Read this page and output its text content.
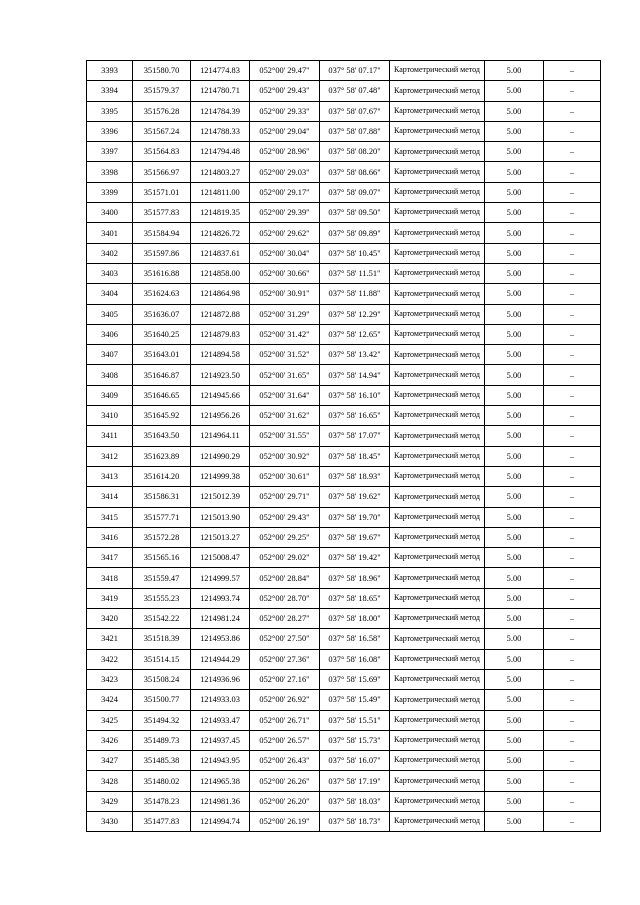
3393	351580.70	1214774.83	052°00' 29.47"	037° 58' 07.17"	Картометрический метод	5.00	–
3394	351579.37	1214780.71	052°00' 29.43"	037° 58' 07.48"	Картометрический метод	5.00	–
3395	351576.28	1214784.39	052°00' 29.33"	037° 58' 07.67"	Картометрический метод	5.00	–
3396	351567.24	1214788.33	052°00' 29.04"	037° 58' 07.88"	Картометрический метод	5.00	–
3397	351564.83	1214794.48	052°00' 28.96"	037° 58' 08.20"	Картометрический метод	5.00	–
3398	351566.97	1214803.27	052°00' 29.03"	037° 58' 08.66"	Картометрический метод	5.00	–
3399	351571.01	1214811.00	052°00' 29.17"	037° 58' 09.07"	Картометрический метод	5.00	–
3400	351577.83	1214819.35	052°00' 29.39"	037° 58' 09.50"	Картометрический метод	5.00	–
3401	351584.94	1214826.72	052°00' 29.62"	037° 58' 09.89"	Картометрический метод	5.00	–
3402	351597.86	1214837.61	052°00' 30.04"	037° 58' 10.45"	Картометрический метод	5.00	–
3403	351616.88	1214858.00	052°00' 30.66"	037° 58' 11.51"	Картометрический метод	5.00	–
3404	351624.63	1214864.98	052°00' 30.91"	037° 58' 11.88"	Картометрический метод	5.00	–
3405	351636.07	1214872.88	052°00' 31.29"	037° 58' 12.29"	Картометрический метод	5.00	–
3406	351640.25	1214879.83	052°00' 31.42"	037° 58' 12.65"	Картометрический метод	5.00	–
3407	351643.01	1214894.58	052°00' 31.52"	037° 58' 13.42"	Картометрический метод	5.00	–
3408	351646.87	1214923.50	052°00' 31.65"	037° 58' 14.94"	Картометрический метод	5.00	–
3409	351646.65	1214945.66	052°00' 31.64"	037° 58' 16.10"	Картометрический метод	5.00	–
3410	351645.92	1214956.26	052°00' 31.62"	037° 58' 16.65"	Картометрический метод	5.00	–
3411	351643.50	1214964.11	052°00' 31.55"	037° 58' 17.07"	Картометрический метод	5.00	–
3412	351623.89	1214990.29	052°00' 30.92"	037° 58' 18.45"	Картометрический метод	5.00	–
3413	351614.20	1214999.38	052°00' 30.61"	037° 58' 18.93"	Картометрический метод	5.00	–
3414	351586.31	1215012.39	052°00' 29.71"	037° 58' 19.62"	Картометрический метод	5.00	–
3415	351577.71	1215013.90	052°00' 29.43"	037° 58' 19.70"	Картометрический метод	5.00	–
3416	351572.28	1215013.27	052°00' 29.25"	037° 58' 19.67"	Картометрический метод	5.00	–
3417	351565.16	1215008.47	052°00' 29.02"	037° 58' 19.42"	Картометрический метод	5.00	–
3418	351559.47	1214999.57	052°00' 28.84"	037° 58' 18.96"	Картометрический метод	5.00	–
3419	351555.23	1214993.74	052°00' 28.70"	037° 58' 18.65"	Картометрический метод	5.00	–
3420	351542.22	1214981.24	052°00' 28.27"	037° 58' 18.00"	Картометрический метод	5.00	–
3421	351518.39	1214953.86	052°00' 27.50"	037° 58' 16.58"	Картометрический метод	5.00	–
3422	351514.15	1214944.29	052°00' 27.36"	037° 58' 16.08"	Картометрический метод	5.00	–
3423	351508.24	1214936.96	052°00' 27.16"	037° 58' 15.69"	Картометрический метод	5.00	–
3424	351500.77	1214933.03	052°00' 26.92"	037° 58' 15.49"	Картометрический метод	5.00	–
3425	351494.32	1214933.47	052°00' 26.71"	037° 58' 15.51"	Картометрический метод	5.00	–
3426	351489.73	1214937.45	052°00' 26.57"	037° 58' 15.73"	Картометрический метод	5.00	–
3427	351485.38	1214943.95	052°00' 26.43"	037° 58' 16.07"	Картометрический метод	5.00	–
3428	351480.02	1214965.38	052°00' 26.26"	037° 58' 17.19"	Картометрический метод	5.00	–
3429	351478.23	1214981.36	052°00' 26.20"	037° 58' 18.03"	Картометрический метод	5.00	–
3430	351477.83	1214994.74	052°00' 26.19"	037° 58' 18.73"	Картометрический метод	5.00	–
